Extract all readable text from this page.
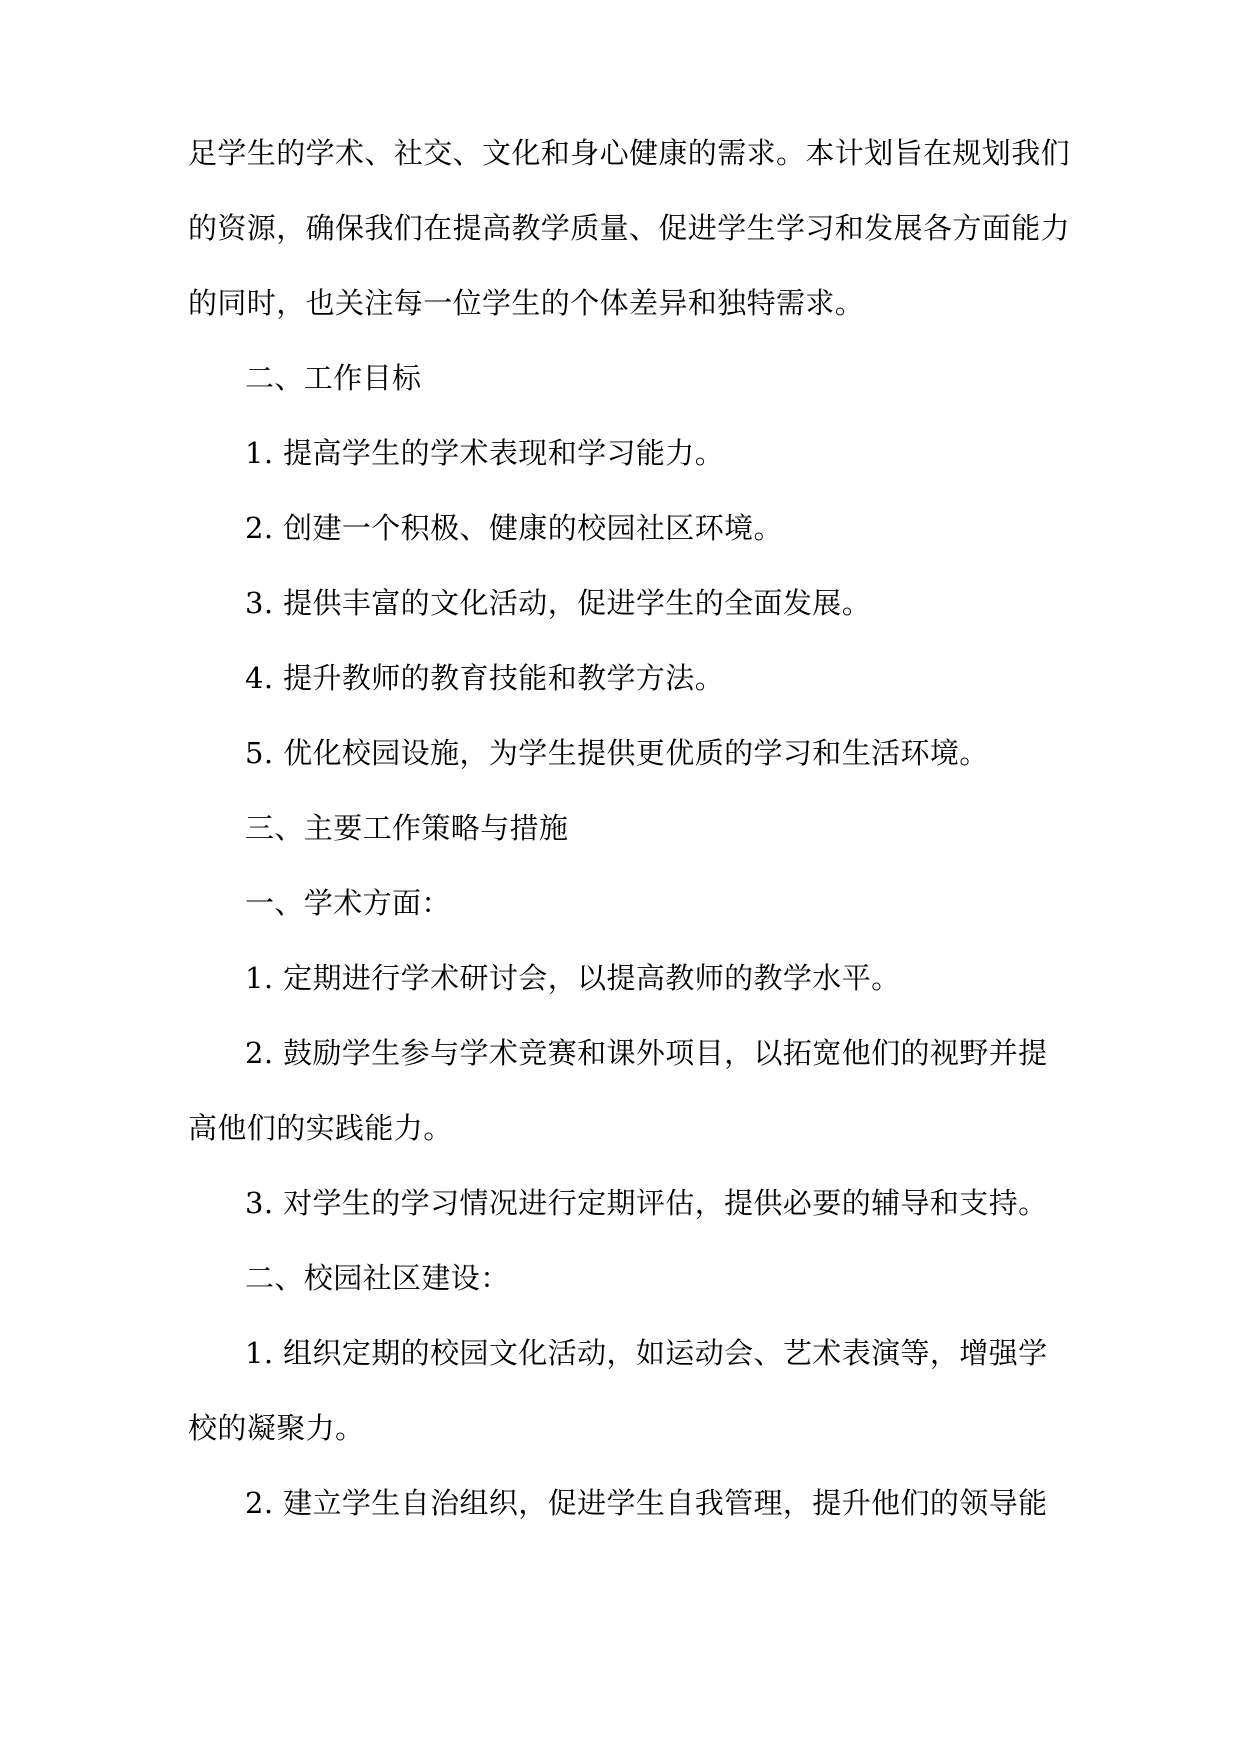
足学生的学术、社交、文化和身心健康的需求。本计划旨在规划我们
的资源，确保我们在提高教学质量、促进学生学习和发展各方面能力
的同时，也关注每一位学生的个体差异和独特需求。
二、工作目标
1. 提高学生的学术表现和学习能力。
2. 创建一个积极、健康的校园社区环境。
3. 提供丰富的文化活动，促进学生的全面发展。
4. 提升教师的教育技能和教学方法。
5. 优化校园设施，为学生提供更优质的学习和生活环境。
三、主要工作策略与措施
一、学术方面：
1. 定期进行学术研讨会，以提高教师的教学水平。
2. 鼓励学生参与学术竞赛和课外项目，以拓宽他们的视野并提
高他们的实践能力。
3. 对学生的学习情况进行定期评估，提供必要的辅导和支持。
二、校园社区建设：
1. 组织定期的校园文化活动，如运动会、艺术表演等，增强学
校的凝聚力。
2. 建立学生自治组织，促进学生自我管理，提升他们的领导能
